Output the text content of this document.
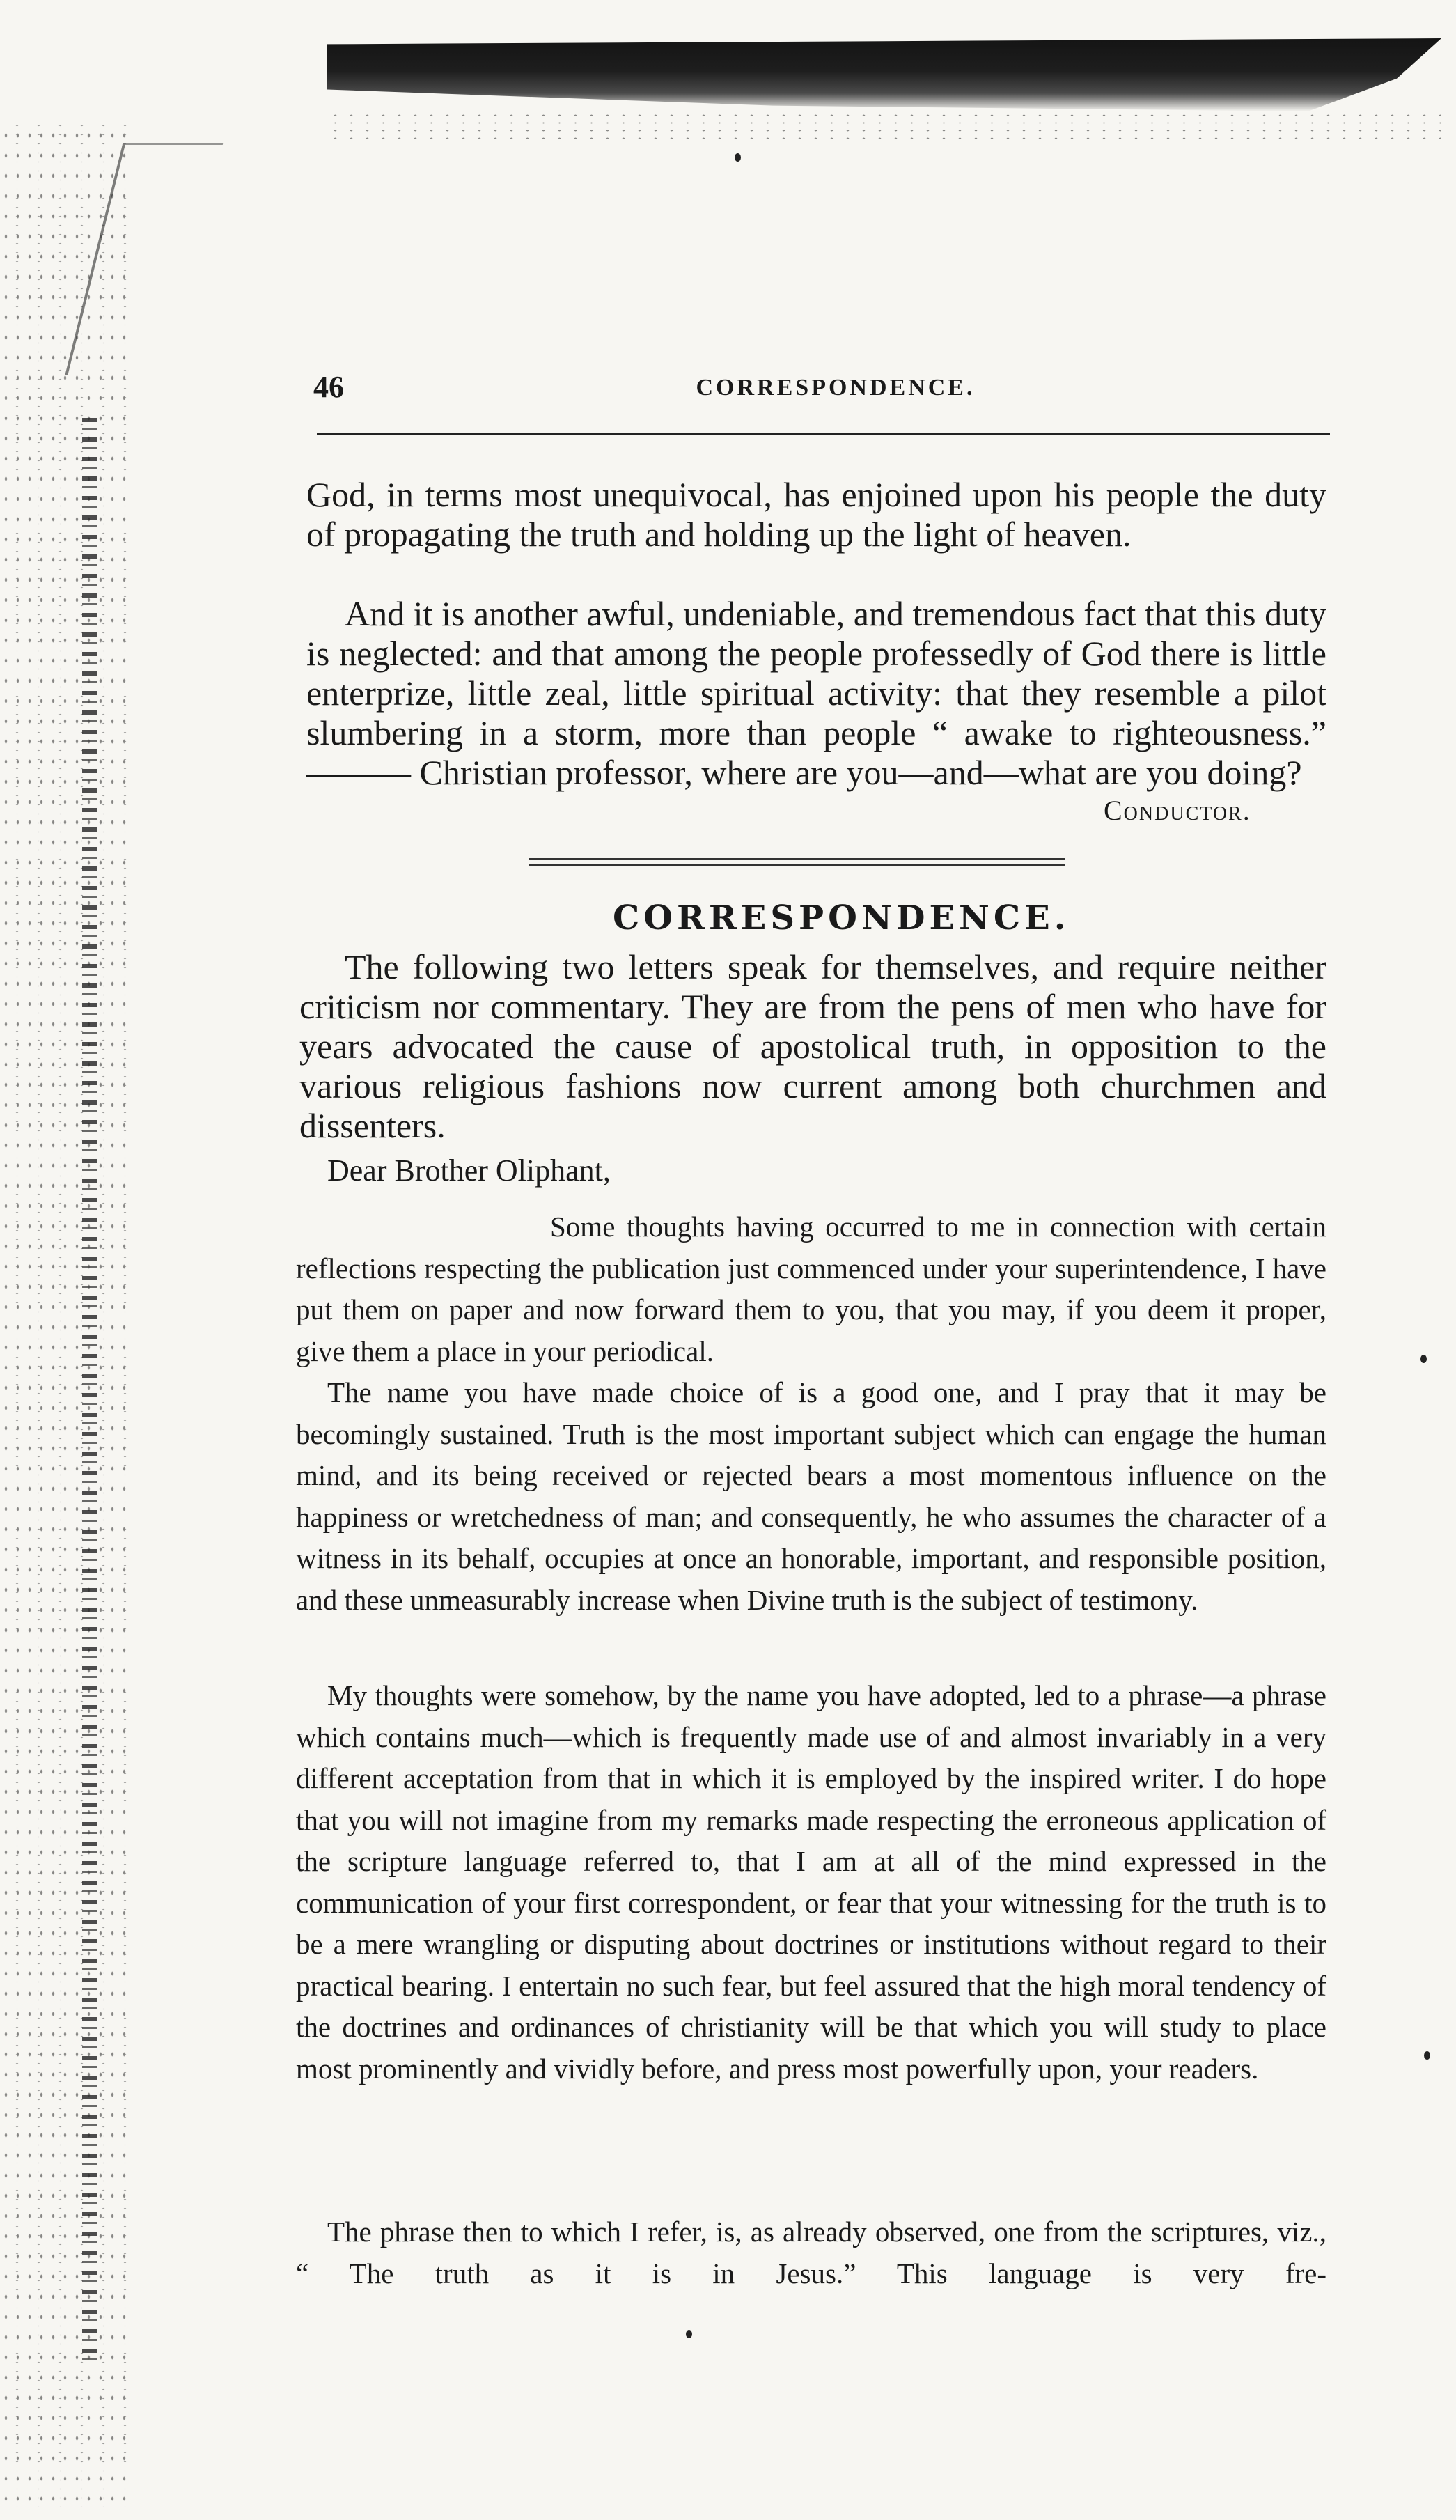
46	CORRESPONDENCE.

God, in terms most unequivocal, has enjoined upon his people the duty of propagating the truth and holding up the light of heaven.

And it is another awful, undeniable, and tremendous fact that this duty is neglected: and that among the people professedly of God there is little enterprize, little zeal, little spiritual activity: that they resemble a pilot slumbering in a storm, more than people “ awake to righteousness.” ——— Christian professor, where are you—and—what are you doing?

Conductor.
CORRESPONDENCE.

The following two letters speak for themselves, and require neither criticism nor commentary. They are from the pens of men who have for years advocated the cause of apostolical truth, in opposition to the various religious fashions now current among both churchmen and dissenters.

Dear Brother Oliphant,

Some thoughts having occurred to me in connection with certain reflections respecting the publication just commenced under your superintendence, I have put them on paper and now forward them to you, that you may, if you deem it proper, give them a place in your periodical.

The name you have made choice of is a good one, and I pray that it may be becomingly sustained. Truth is the most important subject which can engage the human mind, and its being received or rejected bears a most momentous influence on the happiness or wretchedness of man; and consequently, he who assumes the character of a witness in its behalf, occupies at once an honorable, important, and responsible position, and these unmeasurably increase when Divine truth is the subject of testimony.

My thoughts were somehow, by the name you have adopted, led to a phrase—a phrase which contains much—which is frequently made use of and almost invariably in a very different acceptation from that in which it is employed by the inspired writer. I do hope that you will not imagine from my remarks made respecting the erroneous application of the scripture language referred to, that I am at all of the mind expressed in the communication of your first correspondent, or fear that your witnessing for the truth is to be a mere wrangling or disputing about doctrines or institutions without regard to their practical bearing. I entertain no such fear, but feel assured that the high moral tendency of the doctrines and ordinances of christianity will be that which you will study to place most prominently and vividly before, and press most powerfully upon, your readers.

The phrase then to which I refer, is, as already observed, one from the scriptures, viz., “ The truth as it is in Jesus.” This language is very fre-
